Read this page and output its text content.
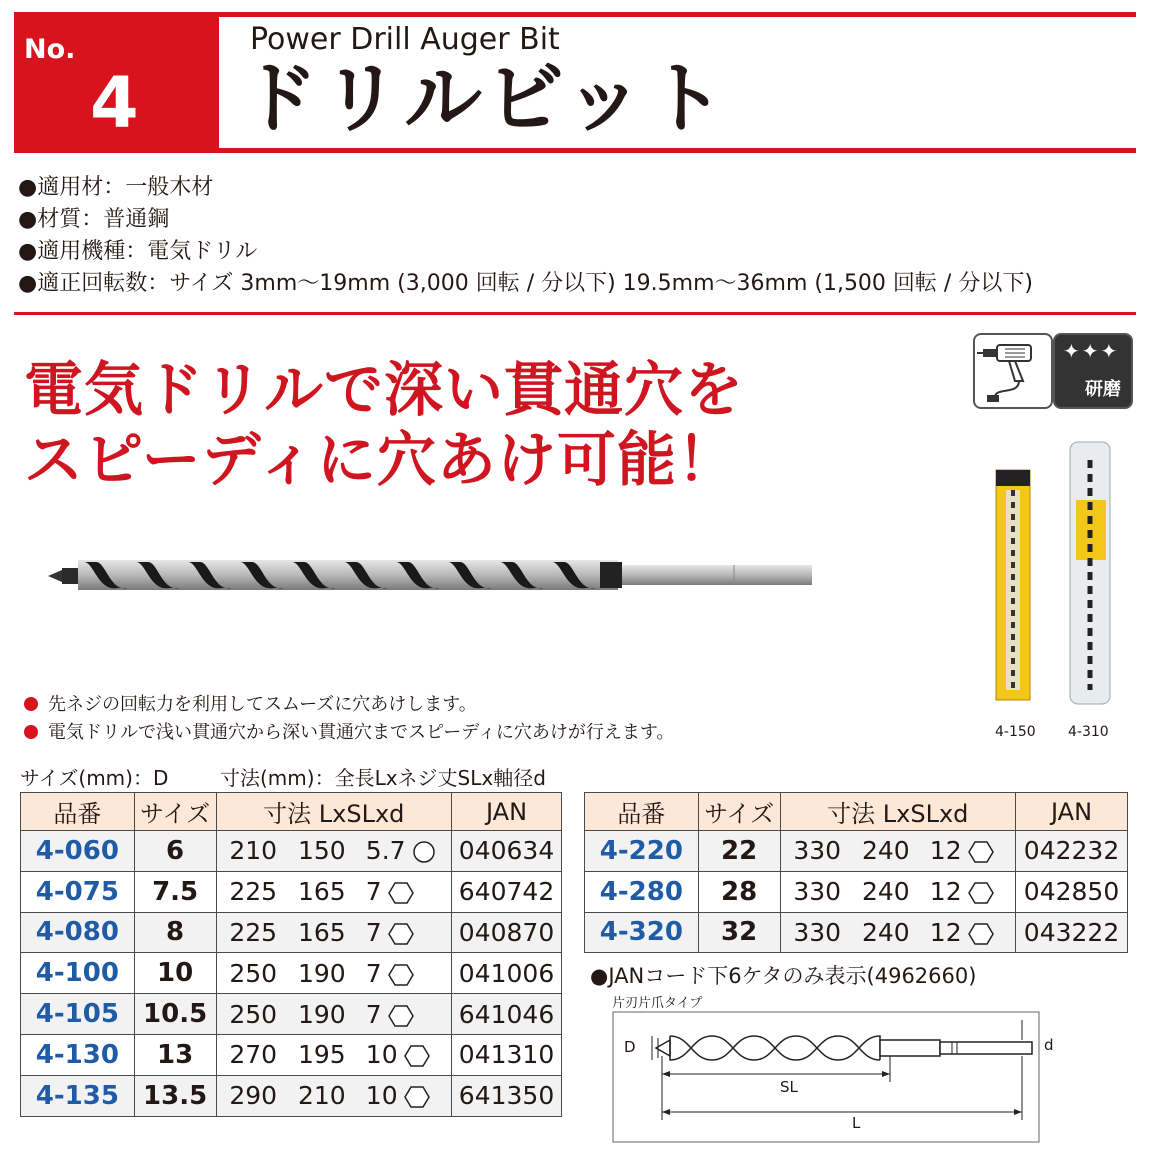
No.
4
Power Drill Auger Bit
ドリルビット
●適用材：一般木材
●材質：普通鋼
●適用機種：電気ドリル
●適正回転数：サイズ 3mm〜19mm (3,000 回転 / 分以下) 19.5mm〜36mm (1,500 回転 / 分以下)
電気ドリルで深い貫通穴を
スピーディに穴あけ可能！
✦✦✦
研磨
4-150 4-310
先ネジの回転力を利用してスムーズに穴あけします。
電気ドリルで浅い貫通穴から深い貫通穴までスピーディに穴あけが行えます。
サイズ(mm)：D	寸法(mm)：全長Lxネジ丈SLx軸径d
品番	サイズ	寸法 LxSLxd			JAN
4-060	6	210	150	5.7	040634
4-075	7.5	225	165	7	640742
4-080	8	225	165	7	040870
4-100	10	250	190	7	041006
4-105	10.5	250	190	7	641046
4-130	13	270	195	10	041310
4-135	13.5	290	210	10	641350
品番	サイズ	寸法 LxSLxd			JAN
4-220	22	330	240	12	042232
4-280	28	330	240	12	042850
4-320	32	330	240	12	043222
●JANコード下6ケタのみ表示(4962660)
片刃片爪タイプ
D	d
SL
L
